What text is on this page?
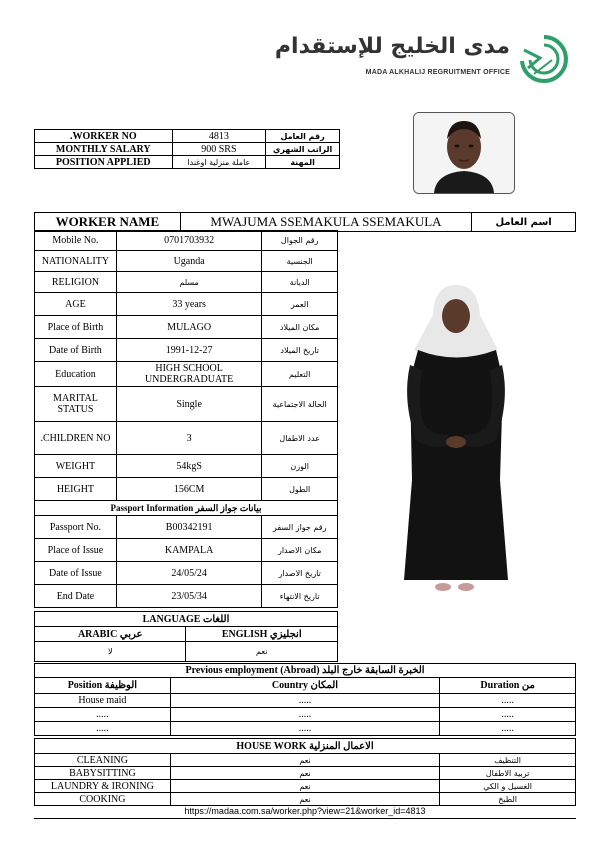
مدى الخليج للإستقدام
MADA ALKHALIJ REGRUITMENT OFFICE
.WORKER NO	4813	رقم العامل
MONTHLY SALARY	900 SRS	الراتب الشهري
POSITION APPLIED	عاملة منزلية اوغندا	المهنة
WORKER NAME	MWAJUMA SSEMAKULA SSEMAKULA	اسم العامل
Mobile No.	0701703932	رقم الجوال
NATIONALITY	Uganda	الجنسية
RELIGION	مسلم	الديانة
AGE	33 years	العمر
Place of Birth	MULAGO	مكان الميلاد
Date of Birth	1991-12-27	تاريخ الميلاد
Education	HIGH SCHOOL UNDERGRADUATE	التعليم
MARITAL STATUS	Single	الحالة الاجتماعية
.CHILDREN NO	3	عدد الاطفال
WEIGHT	54kgS	الوزن
HEIGHT	156CM	الطول
Passport Information بيانات جواز السفر		
Passport No.	B00342191	رقم جواز السفر
Place of Issue	KAMPALA	مكان الاصدار
Date of Issue	24/05/24	تاريخ الاصدار
End Date	23/05/34	تاريخ الانتهاء
LANGUAGE اللغات	
ARABIC عربي	ENGLISH انجليزي
لا	نعم
Previous employment (Abroad) الخبرة السابقة خارج البلد		
Position الوظيفة	Country المكان	Duration من
House maid	.....	.....
.....	.....	.....
.....	.....	.....
HOUSE WORK الاعمال المنزلية		
CLEANING	نعم	التنظيف
BABYSITTING	نعم	تربية الاطفال
LAUNDRY & IRONING	نعم	الغسيل و الكي
COOKING	نعم	الطبخ
https://madaa.com.sa/worker.php?view=21&worker_id=4813
